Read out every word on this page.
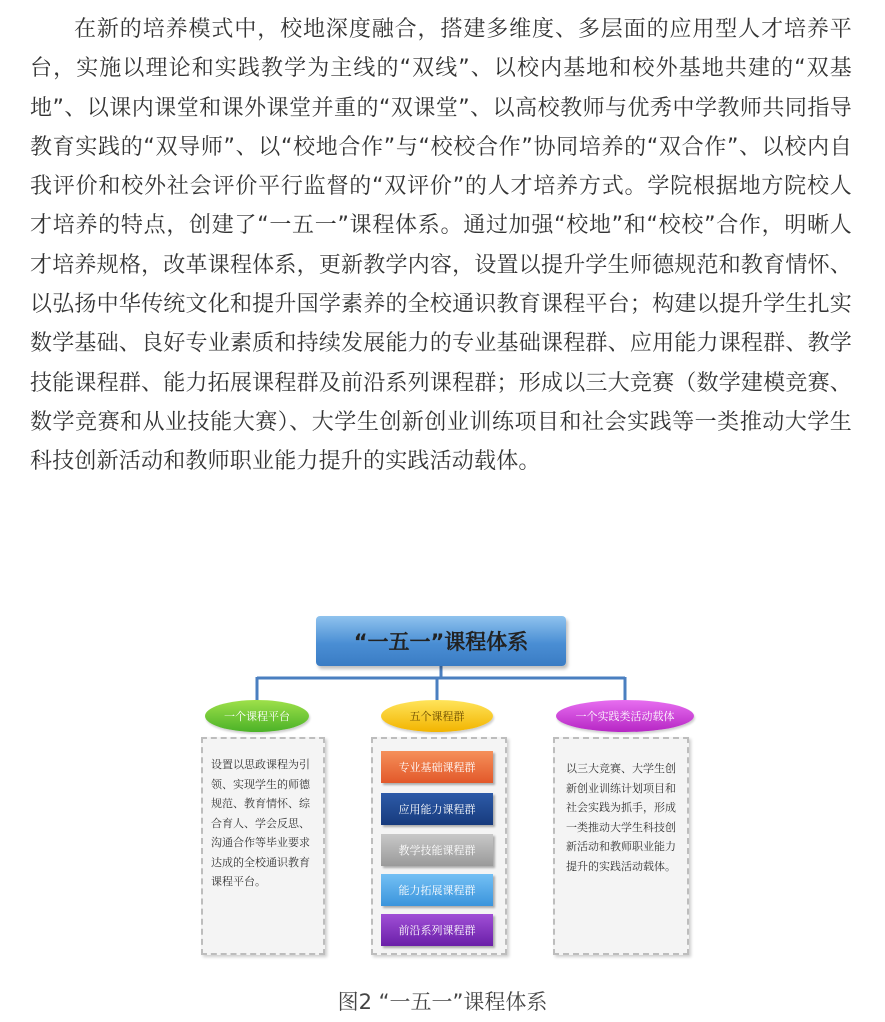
在新的培养模式中，校地深度融合，搭建多维度、多层面的应用型人才培养平台，实施以理论和实践教学为主线的“双线”、以校内基地和校外基地共建的“双基地”、以课内课堂和课外课堂并重的“双课堂”、以高校教师与优秀中学教师共同指导教育实践的“双导师”、以“校地合作”与“校校合作”协同培养的“双合作”、以校内自我评价和校外社会评价平行监督的“双评价”的人才培养方式。学院根据地方院校人才培养的特点，创建了“一五一”课程体系。通过加强“校地”和“校校”合作，明晰人才培养规格，改革课程体系，更新教学内容，设置以提升学生师德规范和教育情怀、以弘扬中华传统文化和提升国学素养的全校通识教育课程平台；构建以提升学生扎实数学基础、良好专业素质和持续发展能力的专业基础课程群、应用能力课程群、教学技能课程群、能力拓展课程群及前沿系列课程群；形成以三大竞赛（数学建模竞赛、数学竞赛和从业技能大赛）、大学生创新创业训练项目和社会实践等一类推动大学生科技创新活动和教师职业能力提升的实践活动载体。

“一五一”课程体系
一个课程平台	五个课程群	一个实践类活动载体
设置以思政课程为引领、实现学生的师德规范、教育情怀、综合育人、学会反思、沟通合作等毕业要求达成的全校通识教育课程平台。
专业基础课程群
应用能力课程群
教学技能课程群
能力拓展课程群
前沿系列课程群
以三大竞赛、大学生创新创业训练计划项目和社会实践为抓手，形成一类推动大学生科技创新活动和教师职业能力提升的实践活动载体。
图2 “一五一”课程体系
